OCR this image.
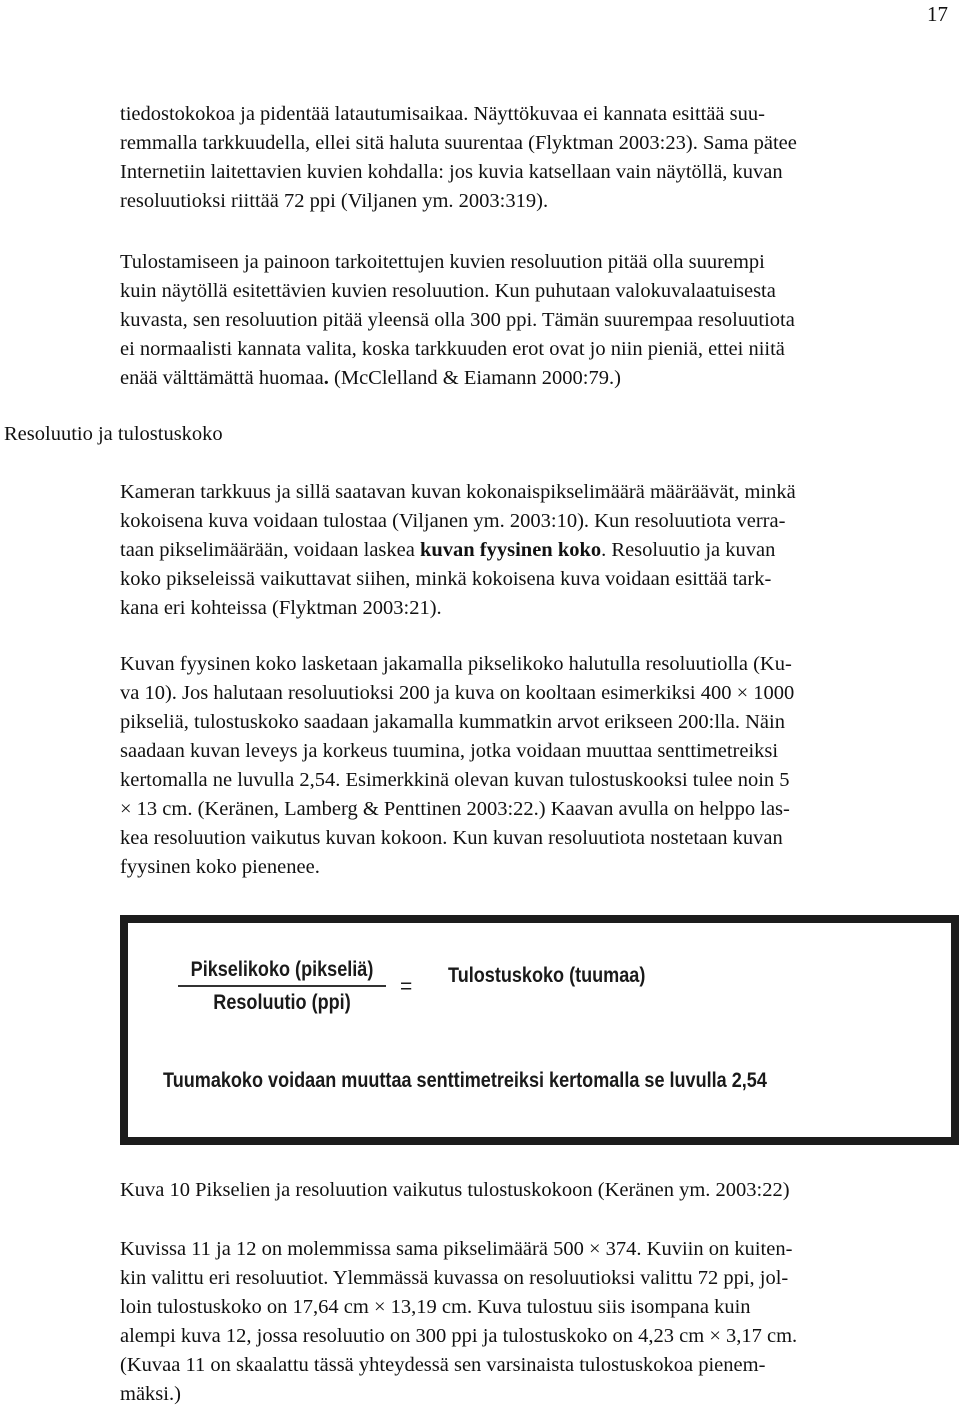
17

tiedostokokoa ja pidentää latautumisaikaa. Näyttökuvaa ei kannata esittää suu-
remmalla tarkkuudella, ellei sitä haluta suurentaa (Flyktman 2003:23). Sama pätee
Internetiin laitettavien kuvien kohdalla: jos kuvia katsellaan vain näytöllä, kuvan
resoluutioksi riittää 72 ppi (Viljanen ym. 2003:319).

Tulostamiseen ja painoon tarkoitettujen kuvien resoluution pitää olla suurempi
kuin näytöllä esitettävien kuvien resoluution. Kun puhutaan valokuvalaatuisesta
kuvasta, sen resoluution pitää yleensä olla 300 ppi. Tämän suurempaa resoluutiota
ei normaalisti kannata valita, koska tarkkuuden erot ovat jo niin pieniä, ettei niitä
enää välttämättä huomaa. (McClelland & Eiamann 2000:79.)

Resoluutio ja tulostuskoko

Kameran tarkkuus ja sillä saatavan kuvan kokonaispikselimäärä määräävät, minkä
kokoisena kuva voidaan tulostaa (Viljanen ym. 2003:10). Kun resoluutiota verra-
taan pikselimäärään, voidaan laskea kuvan fyysinen koko. Resoluutio ja kuvan
koko pikseleissä vaikuttavat siihen, minkä kokoisena kuva voidaan esittää tark-
kana eri kohteissa (Flyktman 2003:21).

Kuvan fyysinen koko lasketaan jakamalla pikselikoko halutulla resoluutiolla (Ku-
va 10). Jos halutaan resoluutioksi 200 ja kuva on kooltaan esimerkiksi 400 × 1000
pikseliä, tulostuskoko saadaan jakamalla kummatkin arvot erikseen 200:lla. Näin
saadaan kuvan leveys ja korkeus tuumina, jotka voidaan muuttaa senttimetreiksi
kertomalla ne luvulla 2,54. Esimerkkinä olevan kuvan tulostuskooksi tulee noin 5
× 13 cm. (Keränen, Lamberg & Penttinen 2003:22.) Kaavan avulla on helppo las-
kea resoluution vaikutus kuvan kokoon. Kun kuvan resoluutiota nostetaan kuvan
fyysinen koko pienenee.

Pikselikoko (pikseliä)
Resoluutio (ppi)
= Tulostuskoko (tuumaa)
Tuumakoko voidaan muuttaa senttimetreiksi kertomalla se luvulla 2,54

Kuva 10 Pikselien ja resoluution vaikutus tulostuskokoon (Keränen ym. 2003:22)

Kuvissa 11 ja 12 on molemmissa sama pikselimäärä 500 × 374. Kuviin on kuiten-
kin valittu eri resoluutiot. Ylemmässä kuvassa on resoluutioksi valittu 72 ppi, jol-
loin tulostuskoko on 17,64 cm × 13,19 cm. Kuva tulostuu siis isompana kuin
alempi kuva 12, jossa resoluutio on 300 ppi ja tulostuskoko on 4,23 cm × 3,17 cm.
(Kuvaa 11 on skaalattu tässä yhteydessä sen varsinaista tulostuskokoa pienem-
mäksi.)
